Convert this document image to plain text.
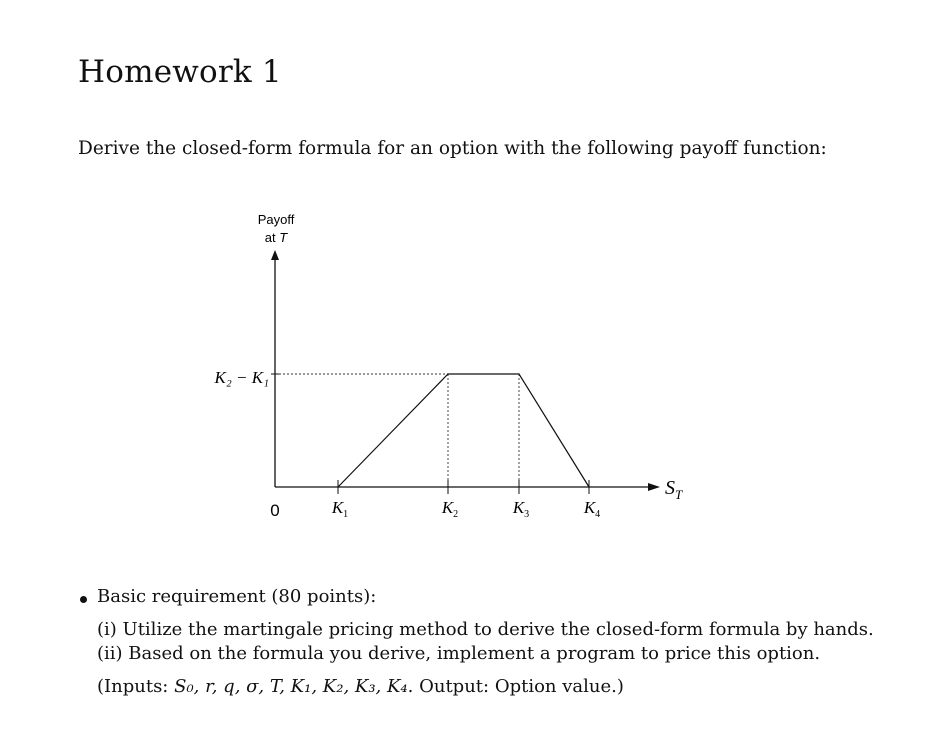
Homework 1

Derive the closed-form formula for an option with the following payoff function:

Payoff
at T
K₂ − K₁
0	$K_1$	$K_2$	$K_3$	$K_4$
$S_T$

Basic requirement (80 points):

(i) Utilize the martingale pricing method to derive the closed-form formula by hands.

(ii) Based on the formula you derive, implement a program to price this option.

(Inputs: S₀, r, q, σ, T, K₁, K₂, K₃, K₄. Output: Option value.)
